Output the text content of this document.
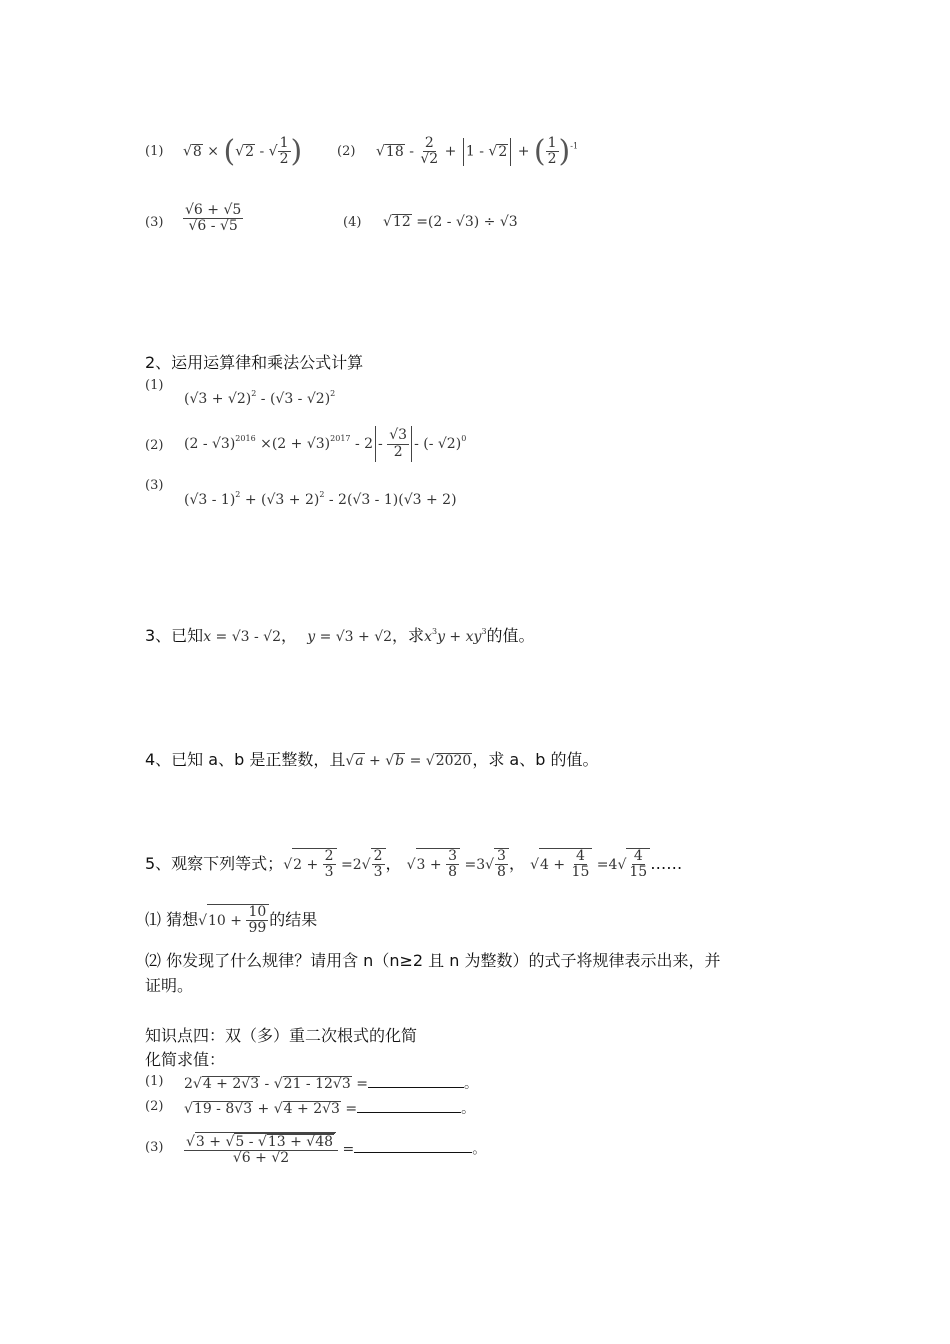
(1) √8 × (√2 - √ $\frac{1}{2}$ )	(2) $√18 - \frac{2}{√2} + 1 - √2$ + ( $\frac{1}{2} )^{-1}$
$(3) \frac{√6 + √5}{√6 - √5}$	(4) √12 =(2 - √3) ÷ √3
2、运用运算律和乘法公式计算
(1)
$(√3 + √2)^2 - (√3 - √2)^2$
(2) $(2 - √3)^{2016} \times(2 + √3)^{2017} - 2 - \frac{√3}{2}$ - (- √2)$^0$
(3)
$(√3 - 1)^2 + (√3 + 2)^2 - 2(√3 - 1)(√3 + 2)$
3、已知x = √3 - √2， y = √3 + √2，求$x^3y + xy^3$的值。
4、已知 a、b 是正整数，且√a + √b = √2020，求 a、b 的值。
5、观察下列等式；$√2 + \frac{2}{3} =2√ \frac{2}{3}$ ， $√3 + \frac{3}{8} =3√ \frac{3}{8}$ ， $√4 + \frac{4}{15} =4√ \frac{4}{15}$ ……
⑴ 猜想$√10 + \frac{10}{99}$ 的结果
⑵ 你发现了什么规律？请用含 n（n≥2 且 n 为整数）的式子将规律表示出来，并
证明。
知识点四：双（多）重二次根式的化简
化简求值：
(1) 2√4 + 2√3 - √21 - 12√3 =	。
(2) √19 - 8√3 + √4 + 2√3 =	。
$(3) \frac{√3 + √5 - √13 + √48}{√6 + √2}$ =	。
